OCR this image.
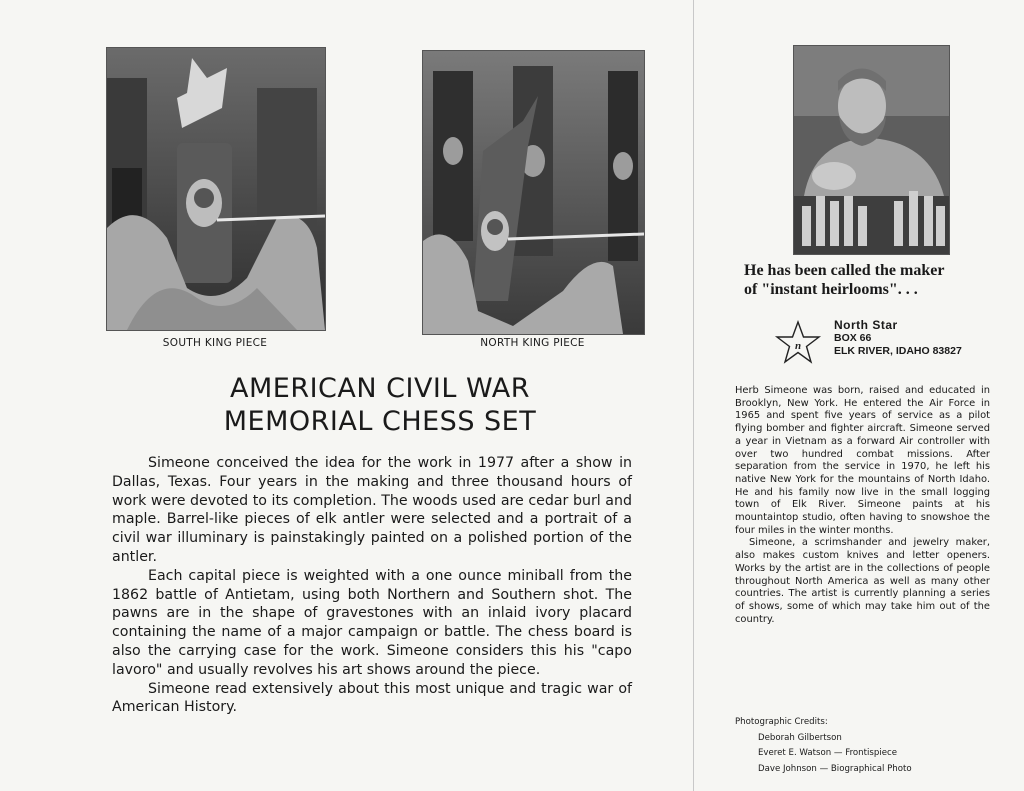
SOUTH KING PIECE	NORTH KING PIECE
AMERICAN CIVIL WAR
MEMORIAL CHESS SET

Simeone conceived the idea for the work in 1977 after a show in Dallas, Texas. Four years in the making and three thousand hours of work were devoted to its completion. The woods used are cedar burl and maple. Barrel-like pieces of elk antler were selected and a portrait of a civil war illuminary is painstakingly painted on a polished portion of the antler.

Each capital piece is weighted with a one ounce miniball from the 1862 battle of Antietam, using both Northern and Southern shot. The pawns are in the shape of gravestones with an inlaid ivory placard containing the name of a major campaign or battle. The chess board is also the carrying case for the work. Simeone considers this his "capo lavoro" and usually revolves his art shows around the piece.

Simeone read extensively about this most unique and tragic war of American History.

He has been called the maker
of "instant heirlooms". . .
n
North Star
BOX 66
ELK RIVER, IDAHO 83827

Herb Simeone was born, raised and educated in Brooklyn, New York. He entered the Air Force in 1965 and spent five years of service as a pilot flying bomber and fighter aircraft. Simeone served a year in Vietnam as a forward Air controller with over two hundred combat missions. After separation from the service in 1970, he left his native New York for the mountains of North Idaho. He and his family now live in the small logging town of Elk River. Simeone paints at his mountaintop studio, often having to snowshoe the four miles in the winter months.

Simeone, a scrimshander and jewelry maker, also makes custom knives and letter openers. Works by the artist are in the collections of people throughout North America as well as many other countries. The artist is currently planning a series of shows, some of which may take him out of the country.

Photographic Credits:
Deborah Gilbertson
Everet E. Watson — Frontispiece
Dave Johnson — Biographical Photo
